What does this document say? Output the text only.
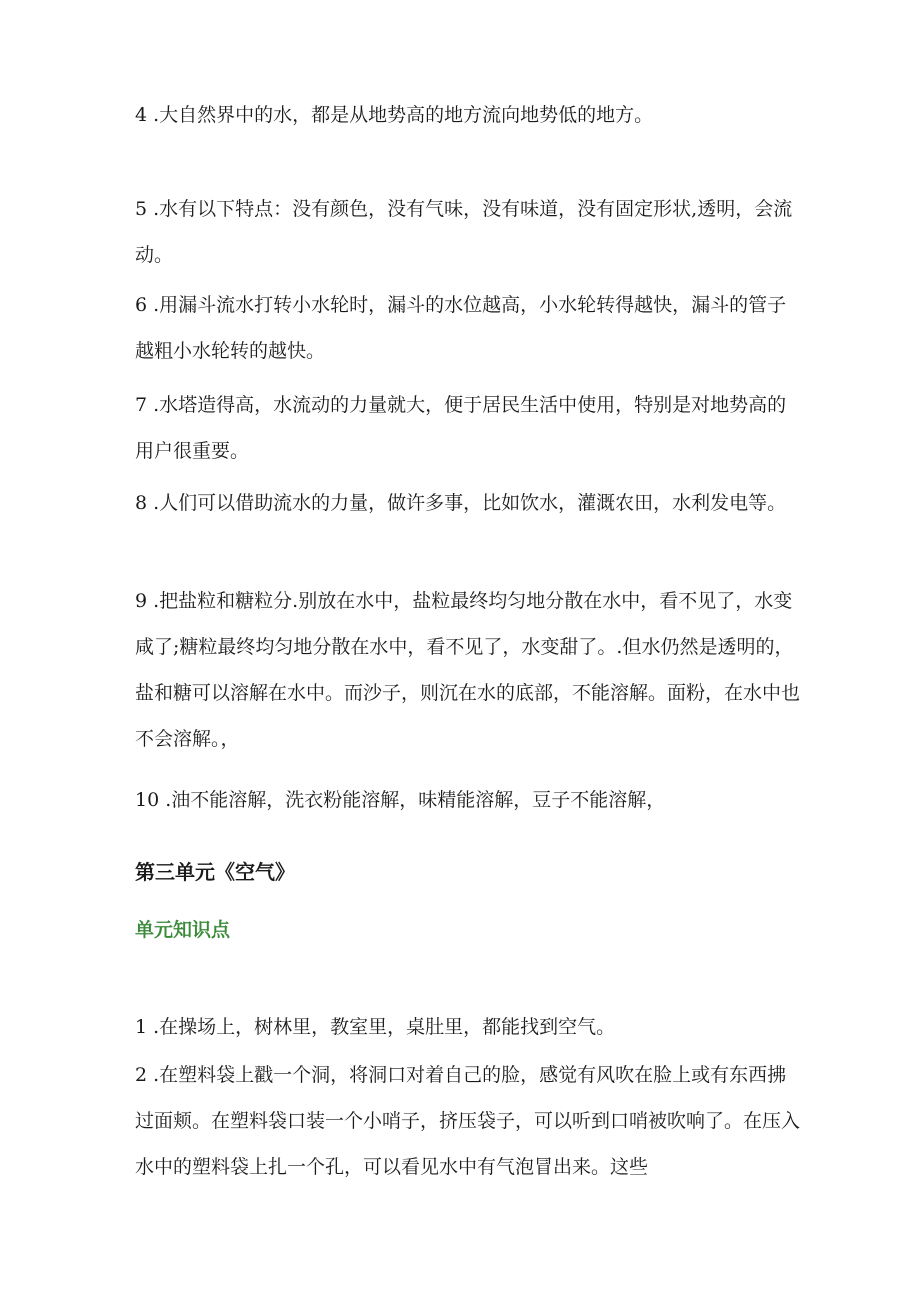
4 .大自然界中的水，都是从地势高的地方流向地势低的地方。

5 .水有以下特点：没有颜色，没有气味，没有味道，没有固定形状,透明，会流动。

6 .用漏斗流水打转小水轮时，漏斗的水位越高，小水轮转得越快，漏斗的管子越粗小水轮转的越快。

7 .水塔造得高，水流动的力量就大，便于居民生活中使用，特别是对地势高的用户很重要。

8 .人们可以借助流水的力量，做许多事，比如饮水，灌溉农田，水利发电等。

9 .把盐粒和糖粒分.别放在水中，盐粒最终均匀地分散在水中，看不见了，水变咸了;糖粒最终均匀地分散在水中，看不见了，水变甜了。.但水仍然是透明的，盐和糖可以溶解在水中。而沙子，则沉在水的底部，不能溶解。面粉，在水中也不会溶解。，

10 .油不能溶解，洗衣粉能溶解，味精能溶解，豆子不能溶解，

第三单元《空气》
单元知识点

1 .在操场上，树林里，教室里，桌肚里，都能找到空气。

2 .在塑料袋上戳一个洞，将洞口对着自己的脸，感觉有风吹在脸上或有东西拂过面颊。在塑料袋口装一个小哨子，挤压袋子，可以听到口哨被吹响了。在压入水中的塑料袋上扎一个孔，可以看见水中有气泡冒出来。这些
